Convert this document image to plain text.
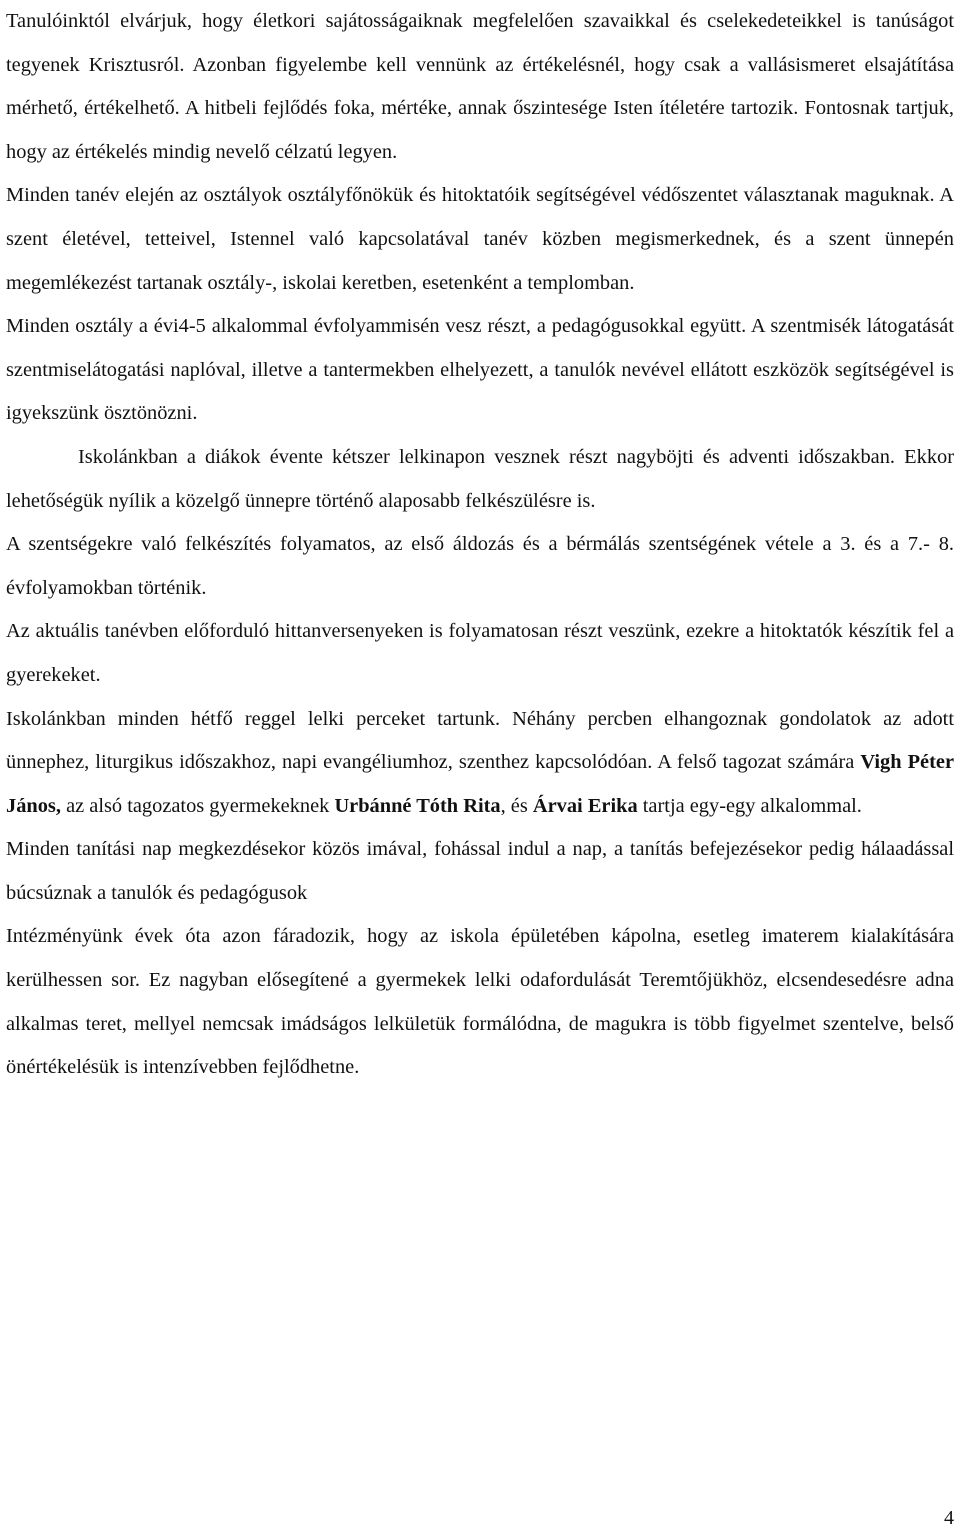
Tanulóinktól elvárjuk, hogy életkori sajátosságaiknak megfelelően szavaikkal és cselekedeteikkel is tanúságot tegyenek Krisztusról. Azonban figyelembe kell vennünk az értékelésnél, hogy csak a vallásismeret elsajátítása mérhető, értékelhető. A hitbeli fejlődés foka, mértéke, annak őszintesége Isten ítéletére tartozik. Fontosnak tartjuk, hogy az értékelés mindig nevelő célzatú legyen.

Minden tanév elején az osztályok osztályfőnökük és hitoktatóik segítségével védőszentet választanak maguknak. A szent életével, tetteivel, Istennel való kapcsolatával tanév közben megismerkednek, és a szent ünnepén megemlékezést tartanak osztály-, iskolai keretben, esetenként a templomban.

Minden osztály a évi4-5 alkalommal évfolyammisén vesz részt, a pedagógusokkal együtt. A szentmisék látogatását szentmiselátogatási naplóval, illetve a tantermekben elhelyezett, a tanulók nevével ellátott eszközök segítségével is igyekszünk ösztönözni.

Iskolánkban a diákok évente kétszer lelkinapon vesznek részt nagyböjti és adventi időszakban. Ekkor lehetőségük nyílik a közelgő ünnepre történő alaposabb felkészülésre is.

A szentségekre való felkészítés folyamatos, az első áldozás és a bérmálás szentségének vétele a 3. és a 7.- 8. évfolyamokban történik.

Az aktuális tanévben előforduló hittanversenyeken is folyamatosan részt veszünk, ezekre a hitoktatók készítik fel a gyerekeket.

Iskolánkban minden hétfő reggel lelki perceket tartunk. Néhány percben elhangoznak gondolatok az adott ünnephez, liturgikus időszakhoz, napi evangéliumhoz, szenthez kapcsolódóan. A felső tagozat számára Vigh Péter János, az alsó tagozatos gyermekeknek Urbánné Tóth Rita, és Árvai Erika tartja egy-egy alkalommal.

Minden tanítási nap megkezdésekor közös imával, fohással indul a nap, a tanítás befejezésekor pedig hálaadással búcsúznak a tanulók és pedagógusok

Intézményünk évek óta azon fáradozik, hogy az iskola épületében kápolna, esetleg imaterem kialakítására kerülhessen sor. Ez nagyban elősegítené a gyermekek lelki odafordulását Teremtőjükhöz, elcsendesedésre adna alkalmas teret, mellyel nemcsak imádságos lelkületük formálódna, de magukra is több figyelmet szentelve, belső önértékelésük is intenzívebben fejlődhetne.

4
